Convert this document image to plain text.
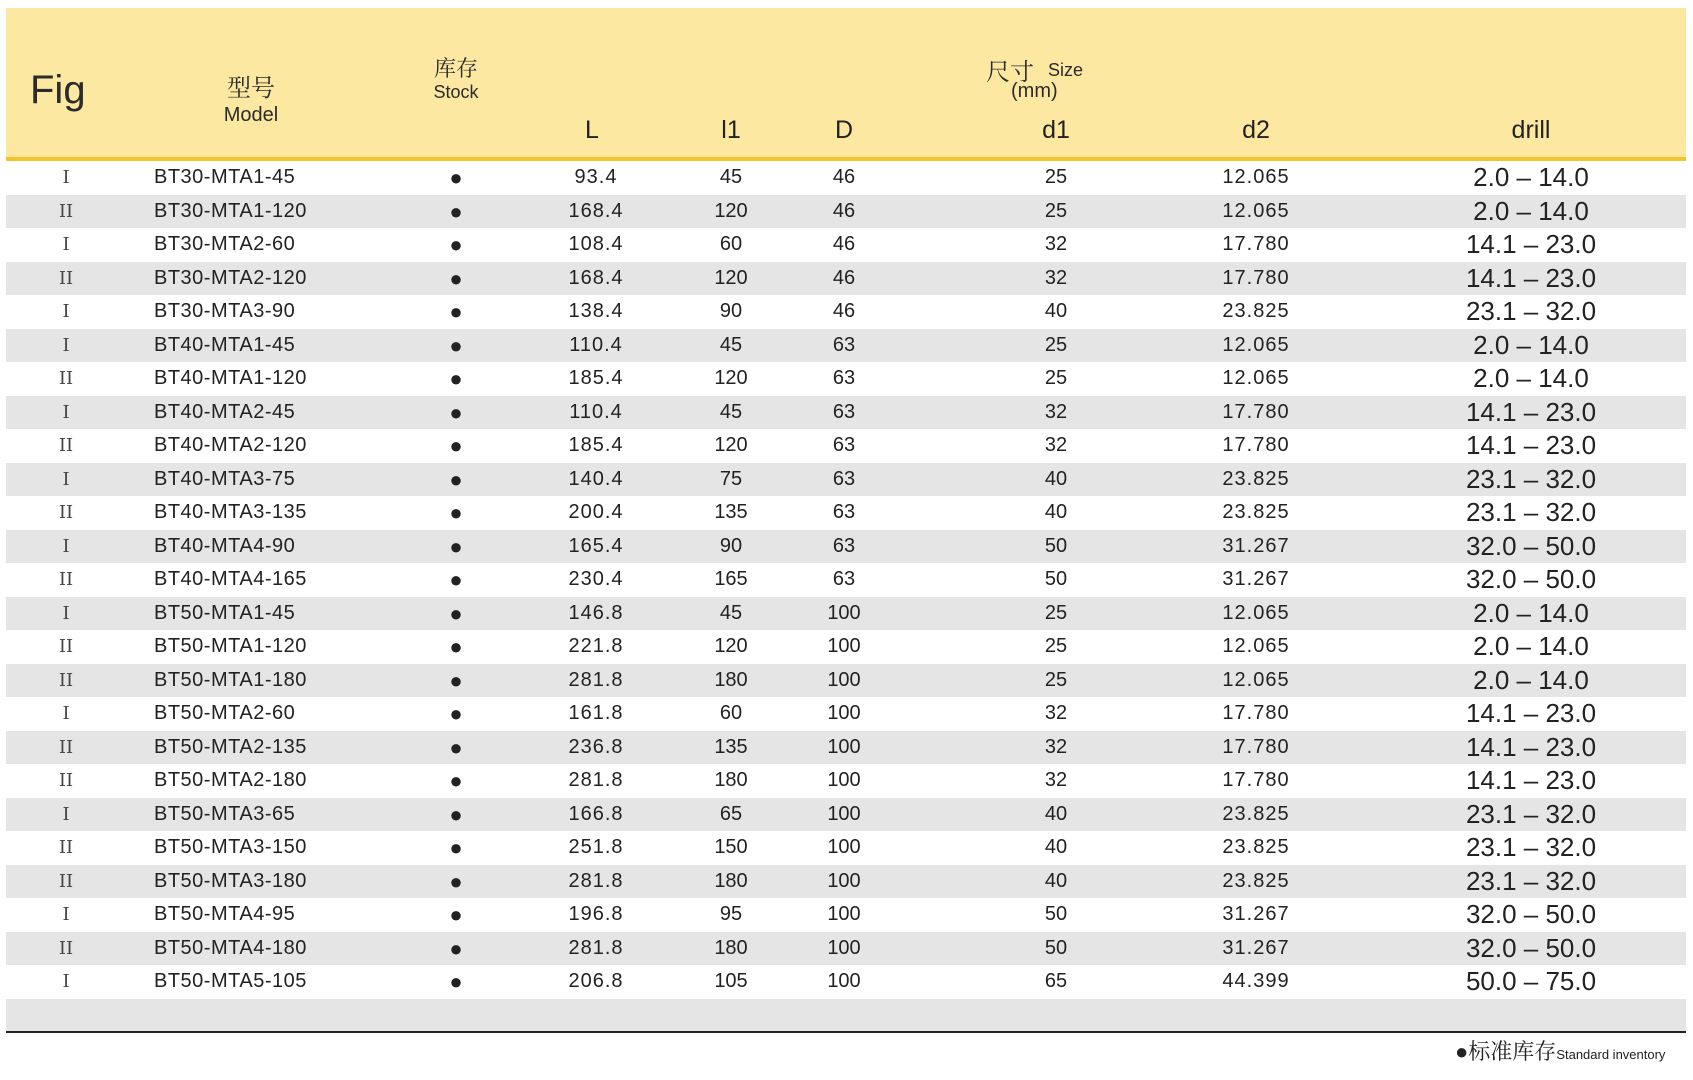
Fig	型号
Model
库存
Stock
尺寸 Size
(mm)
L	l1	D	d1	d2	drill
I	BT30-MTA1-45	●	93.4	45	46	25	12.065	2.0 – 14.0
II	BT30-MTA1-120	●	168.4	120	46	25	12.065	2.0 – 14.0
I	BT30-MTA2-60	●	108.4	60	46	32	17.780	14.1 – 23.0
II	BT30-MTA2-120	●	168.4	120	46	32	17.780	14.1 – 23.0
I	BT30-MTA3-90	●	138.4	90	46	40	23.825	23.1 – 32.0
I	BT40-MTA1-45	●	110.4	45	63	25	12.065	2.0 – 14.0
II	BT40-MTA1-120	●	185.4	120	63	25	12.065	2.0 – 14.0
I	BT40-MTA2-45	●	110.4	45	63	32	17.780	14.1 – 23.0
II	BT40-MTA2-120	●	185.4	120	63	32	17.780	14.1 – 23.0
I	BT40-MTA3-75	●	140.4	75	63	40	23.825	23.1 – 32.0
II	BT40-MTA3-135	●	200.4	135	63	40	23.825	23.1 – 32.0
I	BT40-MTA4-90	●	165.4	90	63	50	31.267	32.0 – 50.0
II	BT40-MTA4-165	●	230.4	165	63	50	31.267	32.0 – 50.0
I	BT50-MTA1-45	●	146.8	45	100	25	12.065	2.0 – 14.0
II	BT50-MTA1-120	●	221.8	120	100	25	12.065	2.0 – 14.0
II	BT50-MTA1-180	●	281.8	180	100	25	12.065	2.0 – 14.0
I	BT50-MTA2-60	●	161.8	60	100	32	17.780	14.1 – 23.0
II	BT50-MTA2-135	●	236.8	135	100	32	17.780	14.1 – 23.0
II	BT50-MTA2-180	●	281.8	180	100	32	17.780	14.1 – 23.0
I	BT50-MTA3-65	●	166.8	65	100	40	23.825	23.1 – 32.0
II	BT50-MTA3-150	●	251.8	150	100	40	23.825	23.1 – 32.0
II	BT50-MTA3-180	●	281.8	180	100	40	23.825	23.1 – 32.0
I	BT50-MTA4-95	●	196.8	95	100	50	31.267	32.0 – 50.0
II	BT50-MTA4-180	●	281.8	180	100	50	31.267	32.0 – 50.0
I	BT50-MTA5-105	●	206.8	105	100	65	44.399	50.0 – 75.0
●标准库存Standard inventory
